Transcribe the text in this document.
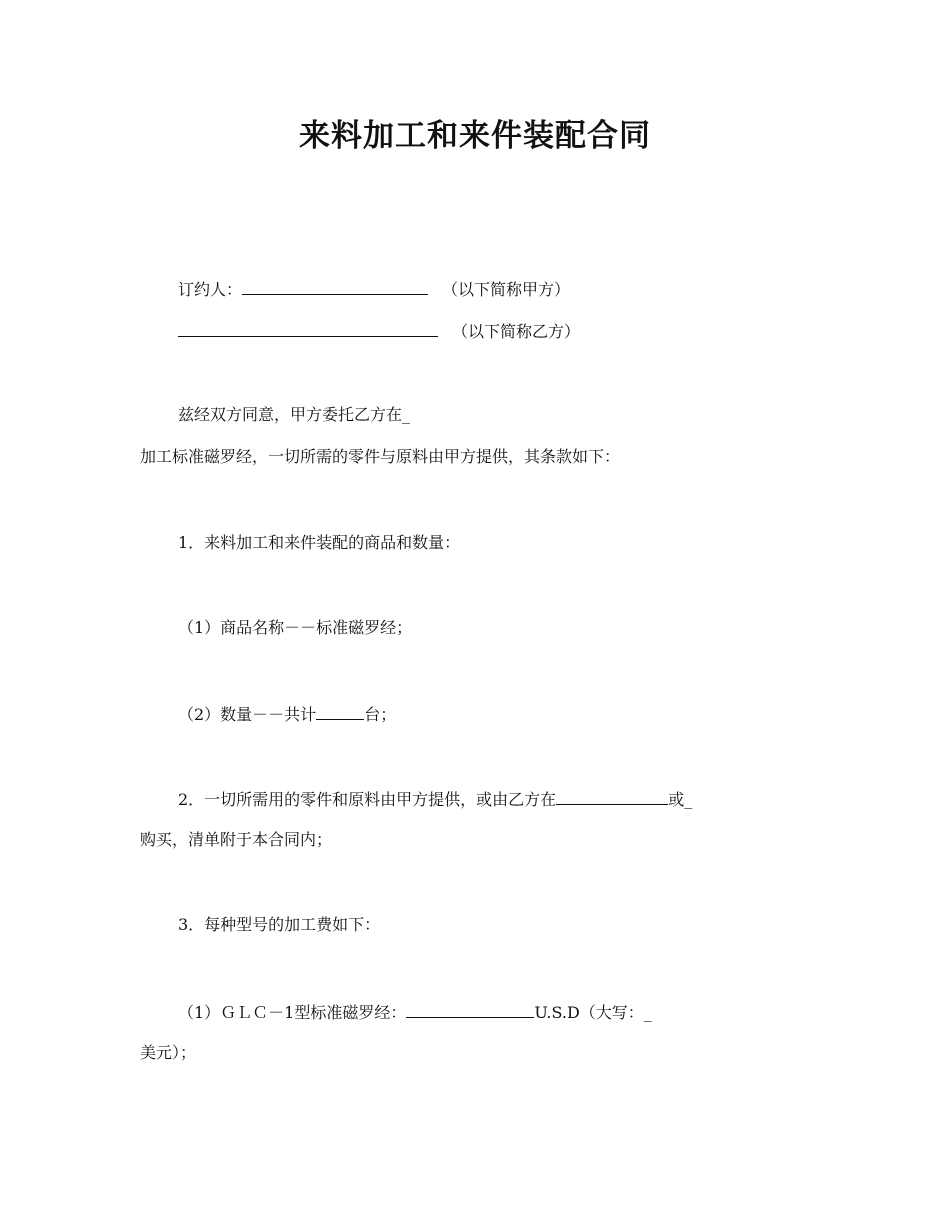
来料加工和来件装配合同
订约人：	（以下简称甲方）
（以下简称乙方）
兹经双方同意，甲方委托乙方在_
加工标准磁罗经，一切所需的零件与原料由甲方提供，其条款如下：
1．来料加工和来件装配的商品和数量：
（1）商品名称－－标准磁罗经；
（2）数量－－共计	台；
2．一切所需用的零件和原料由甲方提供，或由乙方在	或_
购买，清单附于本合同内；
3．每种型号的加工费如下：
（1）ＧＬＣ－1型标准磁罗经：	U.S.D（大写：_
美元）；
